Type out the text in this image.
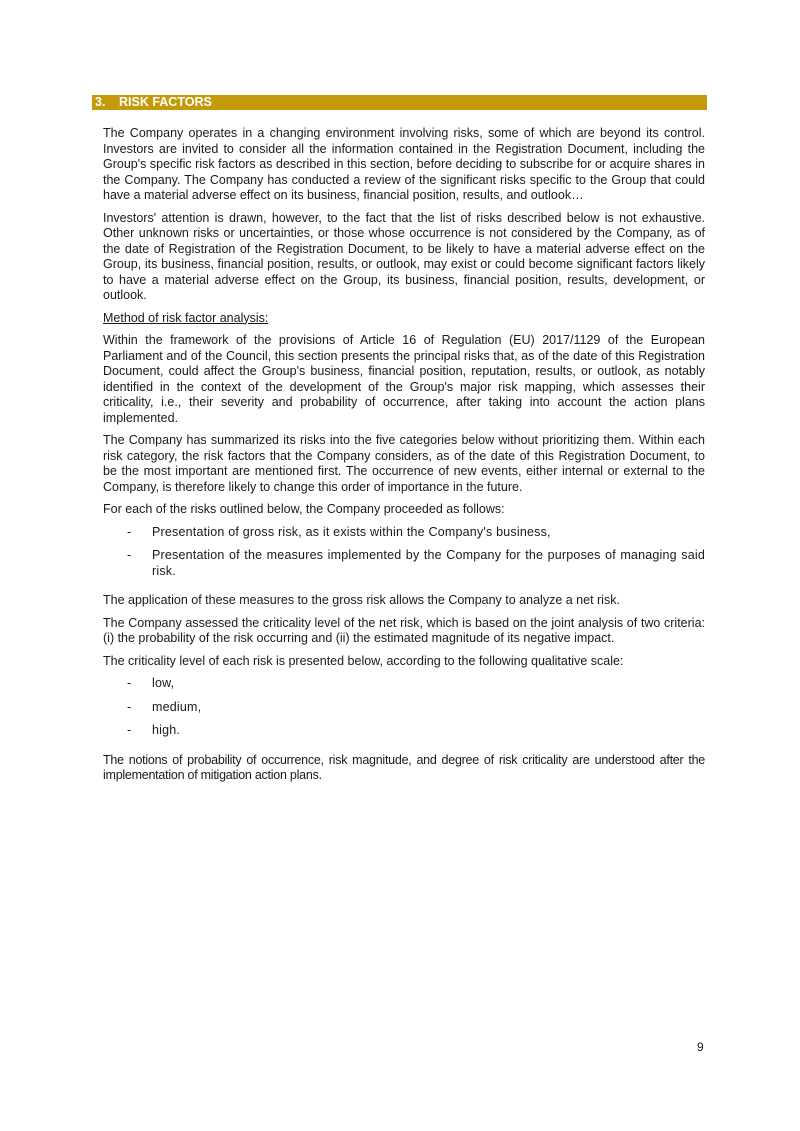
3. RISK FACTORS

The Company operates in a changing environment involving risks, some of which are beyond its control. Investors are invited to consider all the information contained in the Registration Document, including the Group's specific risk factors as described in this section, before deciding to subscribe for or acquire shares in the Company. The Company has conducted a review of the significant risks specific to the Group that could have a material adverse effect on its business, financial position, results, and outlook…

Investors' attention is drawn, however, to the fact that the list of risks described below is not exhaustive. Other unknown risks or uncertainties, or those whose occurrence is not considered by the Company, as of the date of Registration of the Registration Document, to be likely to have a material adverse effect on the Group, its business, financial position, results, or outlook, may exist or could become significant factors likely to have a material adverse effect on the Group, its business, financial position, results, development, or outlook.

Method of risk factor analysis:

Within the framework of the provisions of Article 16 of Regulation (EU) 2017/1129 of the European Parliament and of the Council, this section presents the principal risks that, as of the date of this Registration Document, could affect the Group's business, financial position, reputation, results, or outlook, as notably identified in the context of the development of the Group's major risk mapping, which assesses their criticality, i.e., their severity and probability of occurrence, after taking into account the action plans implemented.

The Company has summarized its risks into the five categories below without prioritizing them. Within each risk category, the risk factors that the Company considers, as of the date of this Registration Document, to be the most important are mentioned first. The occurrence of new events, either internal or external to the Company, is therefore likely to change this order of importance in the future.

For each of the risks outlined below, the Company proceeded as follows:

- Presentation of gross risk, as it exists within the Company's business,
- Presentation of the measures implemented by the Company for the purposes of managing said risk.

The application of these measures to the gross risk allows the Company to analyze a net risk.

The Company assessed the criticality level of the net risk, which is based on the joint analysis of two criteria: (i) the probability of the risk occurring and (ii) the estimated magnitude of its negative impact.

The criticality level of each risk is presented below, according to the following qualitative scale:

- low,
- medium,
- high.

The notions of probability of occurrence, risk magnitude, and degree of risk criticality are understood after the implementation of mitigation action plans.

9
